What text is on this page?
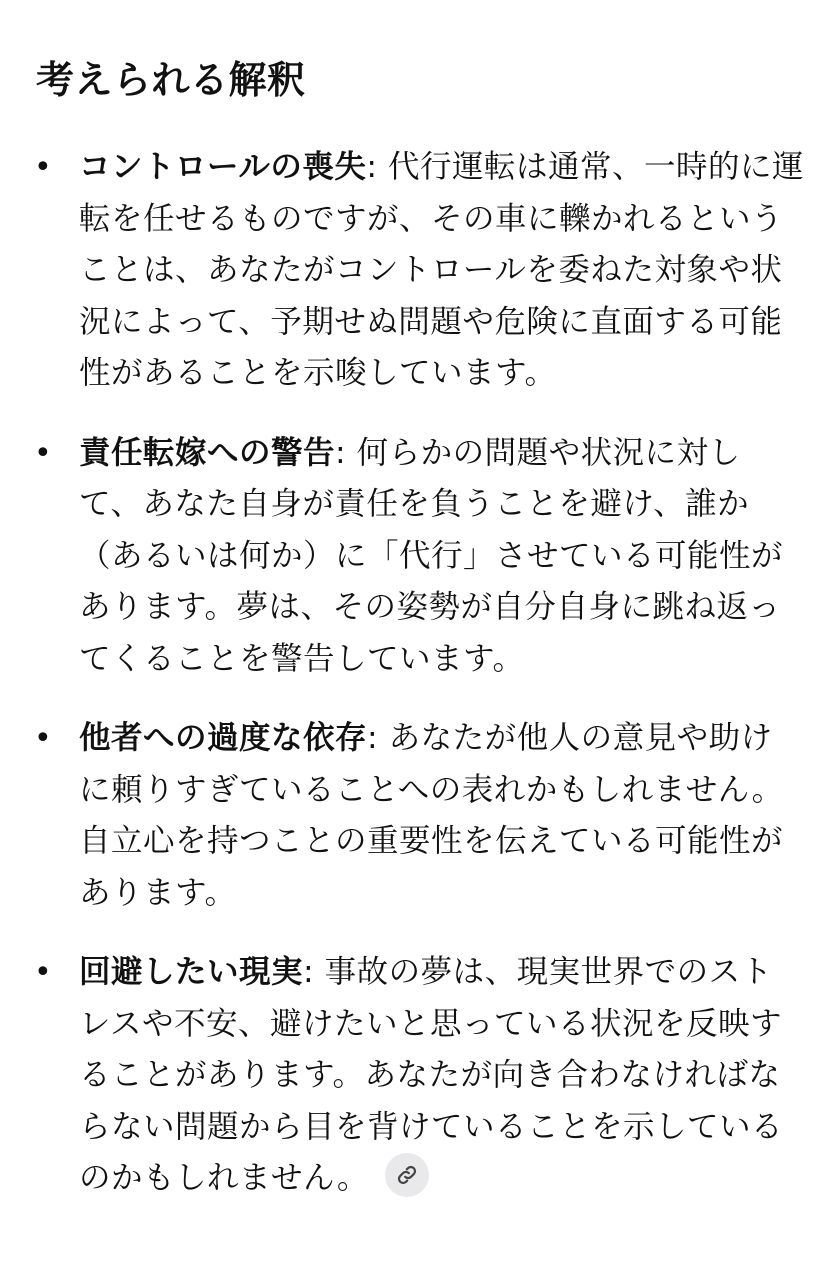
考えられる解釈
• コントロールの喪失: 代行運転は通常、一時的に運転を任せるものですが、その車に轢かれるということは、あなたがコントロールを委ねた対象や状況によって、予期せぬ問題や危険に直面する可能性があることを示唆しています。
• 責任転嫁への警告: 何らかの問題や状況に対して、あなた自身が責任を負うことを避け、誰か（あるいは何か）に「代行」させている可能性があります。夢は、その姿勢が自分自身に跳ね返ってくることを警告しています。
• 他者への過度な依存: あなたが他人の意見や助けに頼りすぎていることへの表れかもしれません。自立心を持つことの重要性を伝えている可能性があります。
• 回避したい現実: 事故の夢は、現実世界でのストレスや不安、避けたいと思っている状況を反映することがあります。あなたが向き合わなければならない問題から目を背けていることを示しているのかもしれません。
